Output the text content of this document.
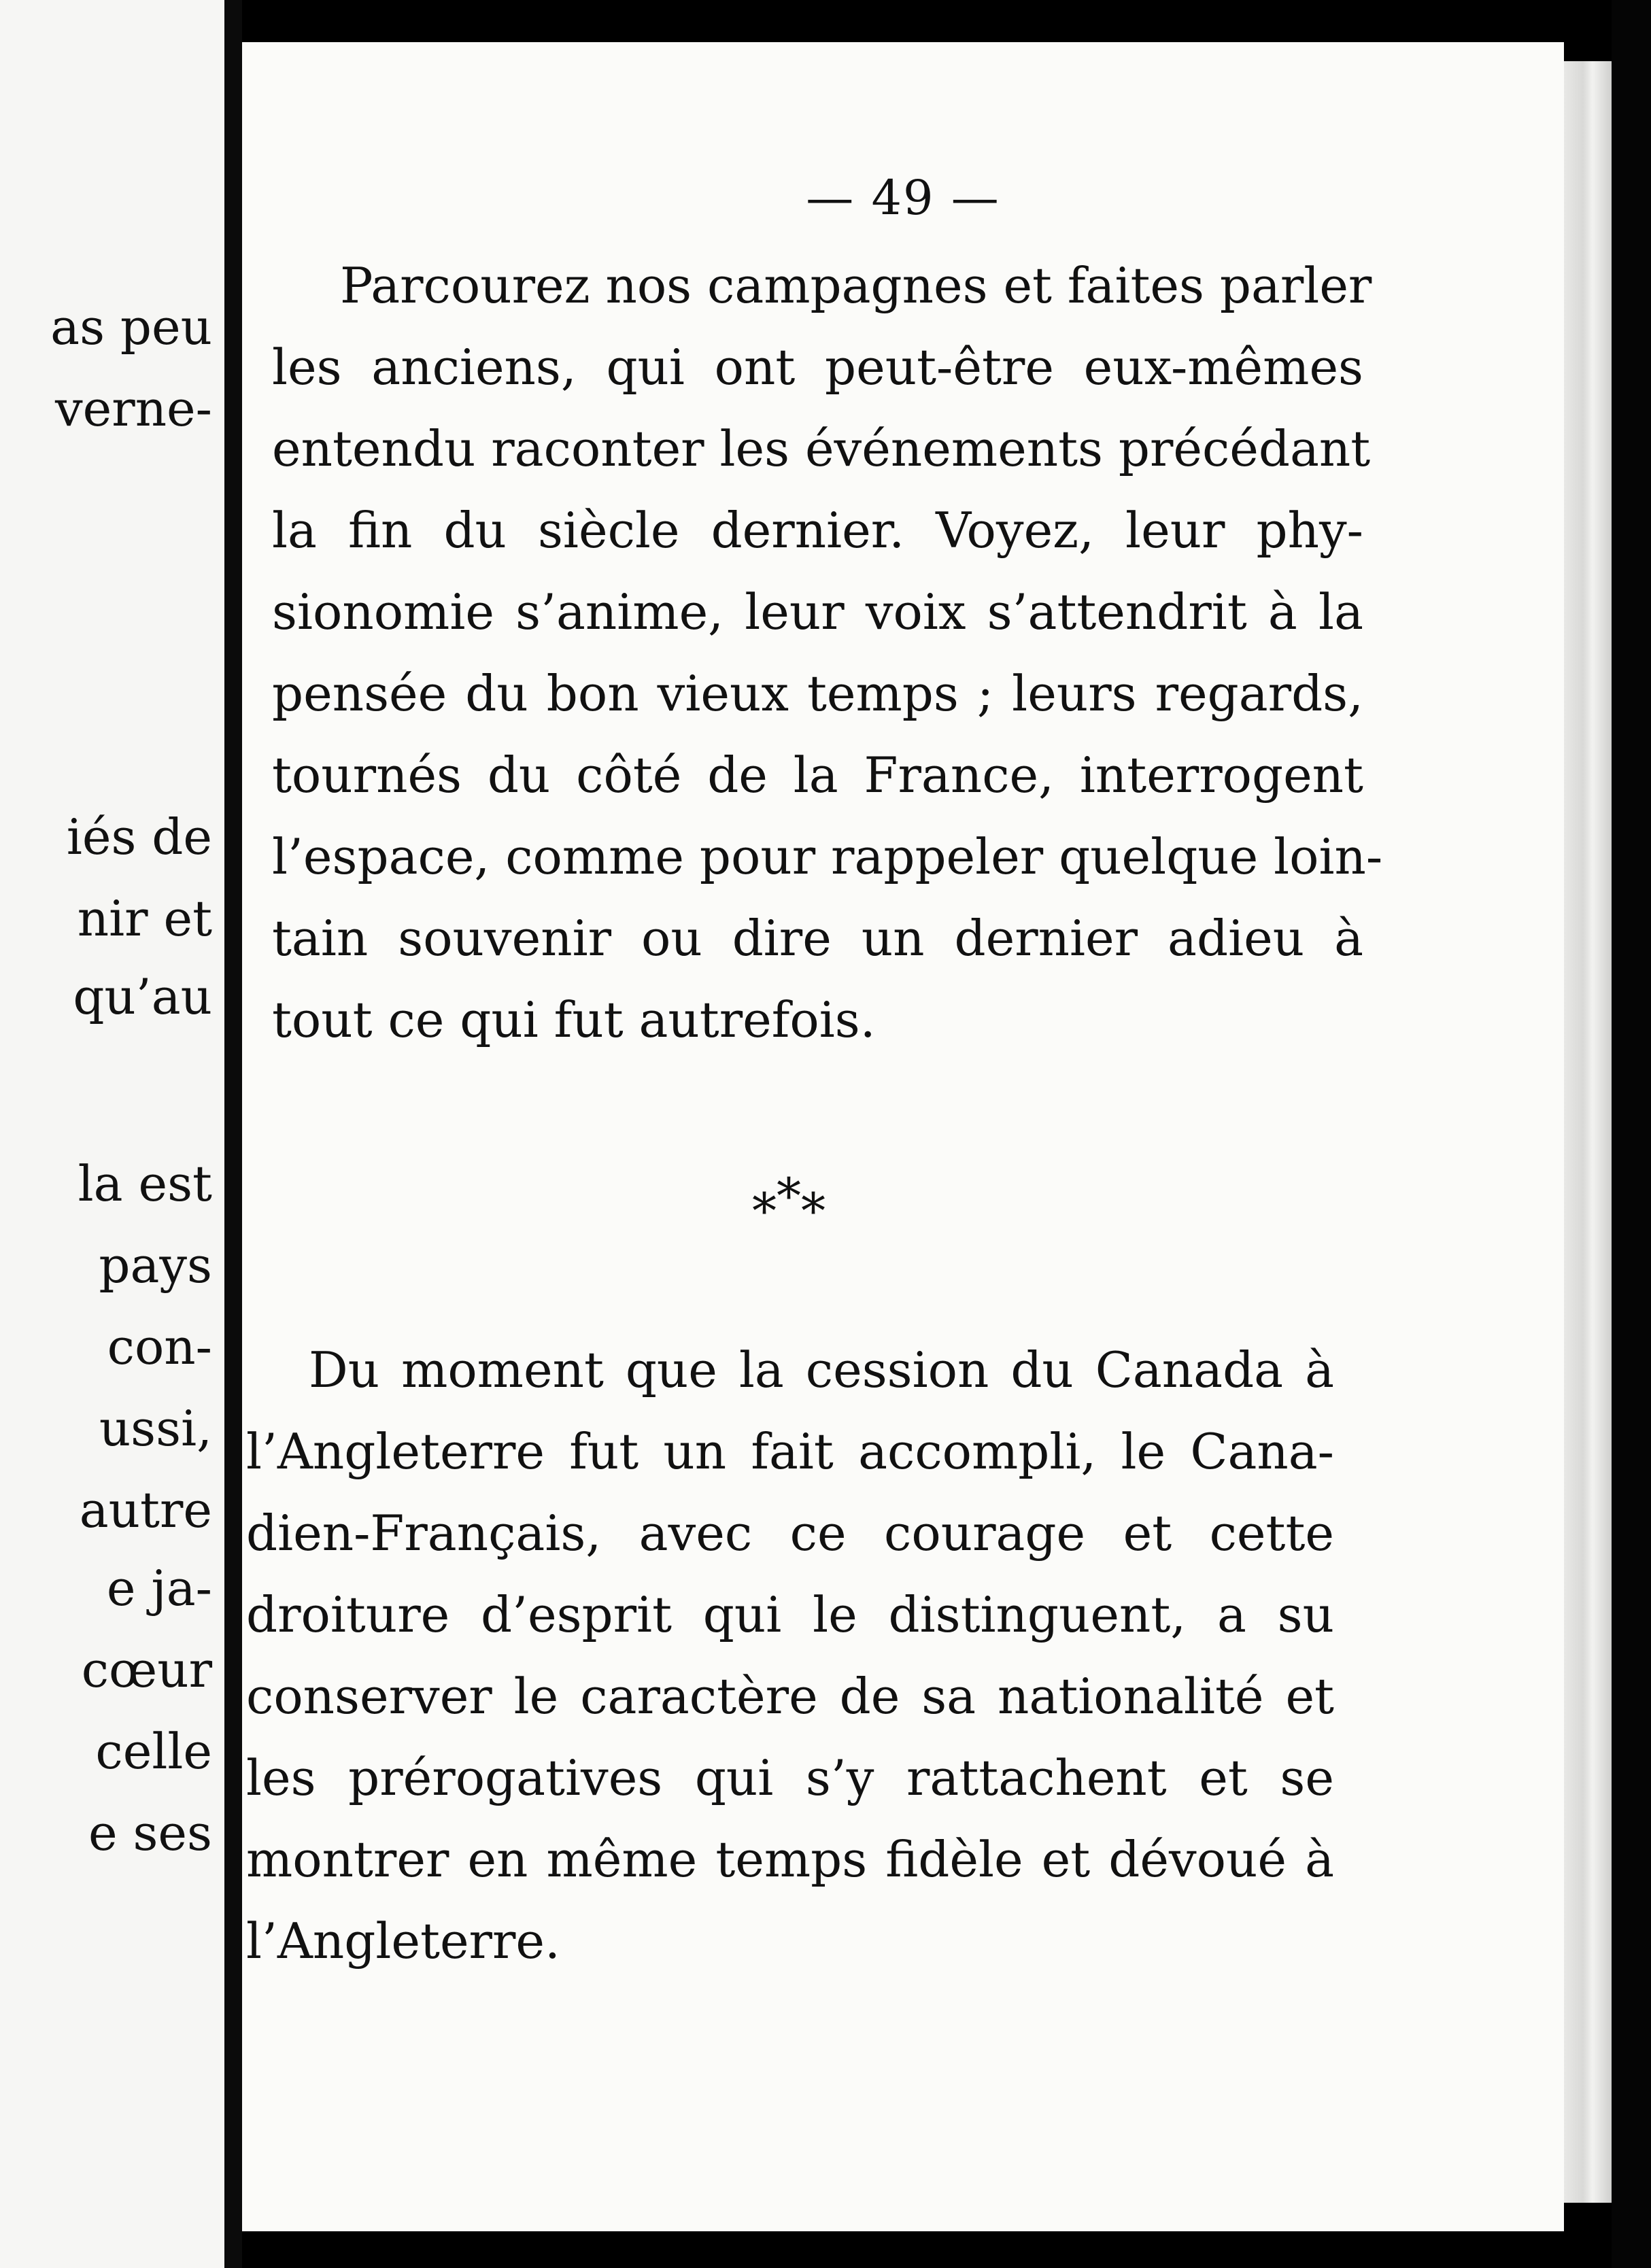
as peu
verne-
iés de
nir et
qu’au
la est
pays
con-
ussi,
autre
e ja-
cœur
celle
e ses
— 49 —
Parcourez nos campagnes et faites parler
les anciens, qui ont peut-être eux-mêmes
entendu raconter les événements précédant
la fin du siècle dernier. Voyez, leur phy-
sionomie s’anime, leur voix s’attendrit à la
pensée du bon vieux temps ; leurs regards,
tournés du côté de la France, interrogent
l’espace, comme pour rappeler quelque loin-
tain souvenir ou dire un dernier adieu à
tout ce qui fut autrefois.
***
Du moment que la cession du Canada à
l’Angleterre fut un fait accompli, le Cana-
dien-Français, avec ce courage et cette
droiture d’esprit qui le distinguent, a su
conserver le caractère de sa nationalité et
les prérogatives qui s’y rattachent et se
montrer en même temps fidèle et dévoué à
l’Angleterre.
